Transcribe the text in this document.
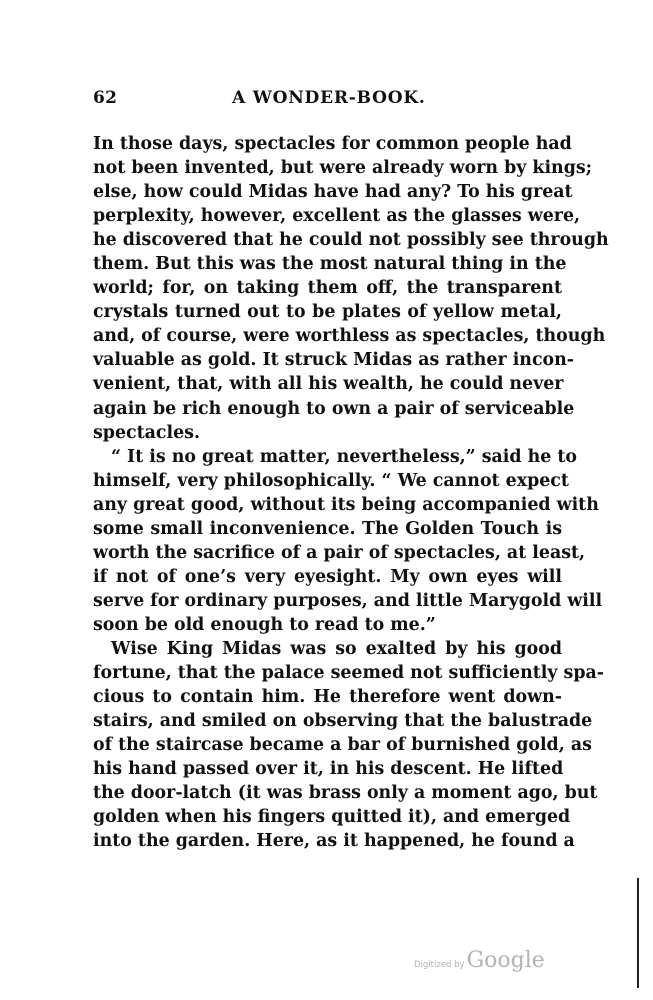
62	A WONDER-BOOK.
In those days, spectacles for common people had
not been invented, but were already worn by kings;
else, how could Midas have had any? To his great
perplexity, however, excellent as the glasses were,
he discovered that he could not possibly see through
them. But this was the most natural thing in the
world; for, on taking them off, the transparent
crystals turned out to be plates of yellow metal,
and, of course, were worthless as spectacles, though
valuable as gold. It struck Midas as rather incon-
venient, that, with all his wealth, he could never
again be rich enough to own a pair of serviceable
spectacles.
“ It is no great matter, nevertheless,” said he to
himself, very philosophically. “ We cannot expect
any great good, without its being accompanied with
some small inconvenience. The Golden Touch is
worth the sacrifice of a pair of spectacles, at least,
if not of one’s very eyesight. My own eyes will
serve for ordinary purposes, and little Marygold will
soon be old enough to read to me.”
Wise King Midas was so exalted by his good
fortune, that the palace seemed not sufficiently spa-
cious to contain him. He therefore went down-
stairs, and smiled on observing that the balustrade
of the staircase became a bar of burnished gold, as
his hand passed over it, in his descent. He lifted
the door-latch (it was brass only a moment ago, but
golden when his fingers quitted it), and emerged
into the garden. Here, as it happened, he found a
Digitized by Google
